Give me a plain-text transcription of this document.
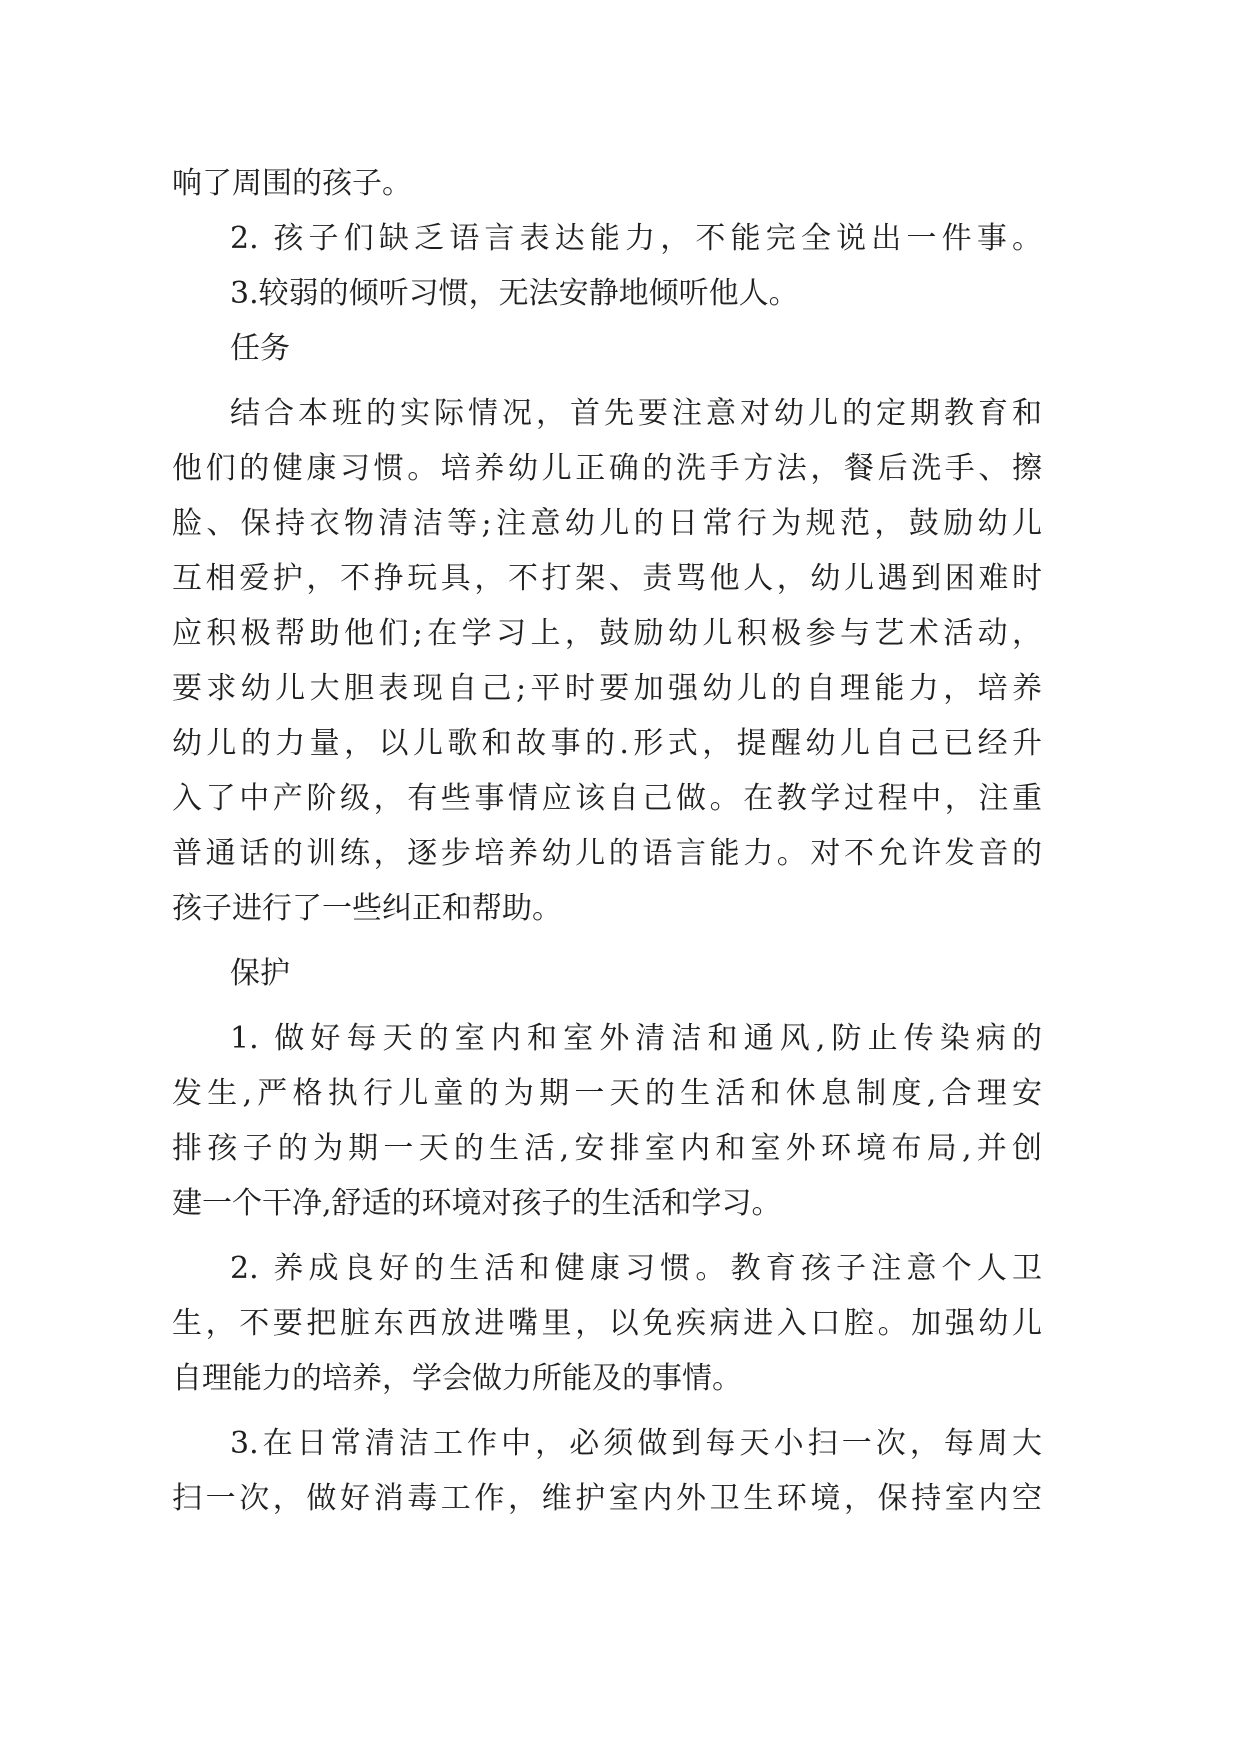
响了周围的孩子。
2. 孩子们缺乏语言表达能力，不能完全说出一件事。
3.较弱的倾听习惯，无法安静地倾听他人。
任务
结合本班的实际情况，首先要注意对幼儿的定期教育和
他们的健康习惯。培养幼儿正确的洗手方法，餐后洗手、擦
脸、保持衣物清洁等;注意幼儿的日常行为规范，鼓励幼儿
互相爱护，不挣玩具，不打架、责骂他人，幼儿遇到困难时
应积极帮助他们;在学习上，鼓励幼儿积极参与艺术活动，
要求幼儿大胆表现自己;平时要加强幼儿的自理能力，培养
幼儿的力量，以儿歌和故事的.形式，提醒幼儿自己已经升
入了中产阶级，有些事情应该自己做。在教学过程中，注重
普通话的训练，逐步培养幼儿的语言能力。对不允许发音的
孩子进行了一些纠正和帮助。
保护
1. 做好每天的室内和室外清洁和通风,防止传染病的
发生,严格执行儿童的为期一天的生活和休息制度,合理安
排孩子的为期一天的生活,安排室内和室外环境布局,并创
建一个干净,舒适的环境对孩子的生活和学习。
2. 养成良好的生活和健康习惯。教育孩子注意个人卫
生，不要把脏东西放进嘴里，以免疾病进入口腔。加强幼儿
自理能力的培养，学会做力所能及的事情。
3.在日常清洁工作中，必须做到每天小扫一次，每周大
扫一次，做好消毒工作，维护室内外卫生环境，保持室内空
